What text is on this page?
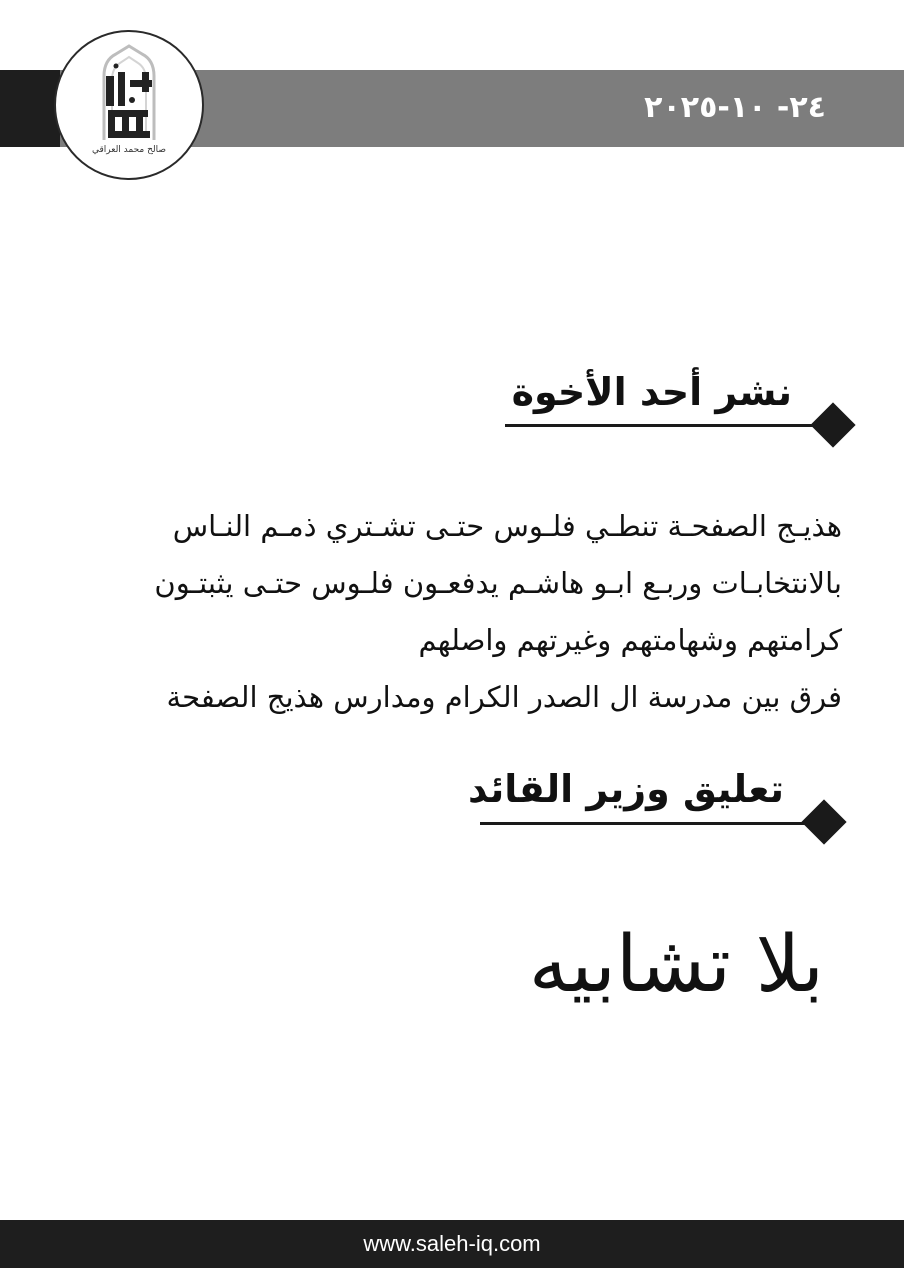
٢٤- ١٠-٢٠٢٥
صالح محمد العراقي
نشر أحد الأخوة
هذيـج الصفحـة تنطـي فلـوس حتـى تشـتري ذمـم النـاس
بالانتخابـات وربـع ابـو هاشـم يدفعـون فلـوس حتـى يثبتـون
كرامتهم وشهامتهم وغيرتهم واصلهم
فرق بين مدرسة ال الصدر الكرام ومدارس هذيج الصفحة
تعليق وزير القائد
بلا تشابيه
www.saleh-iq.com
